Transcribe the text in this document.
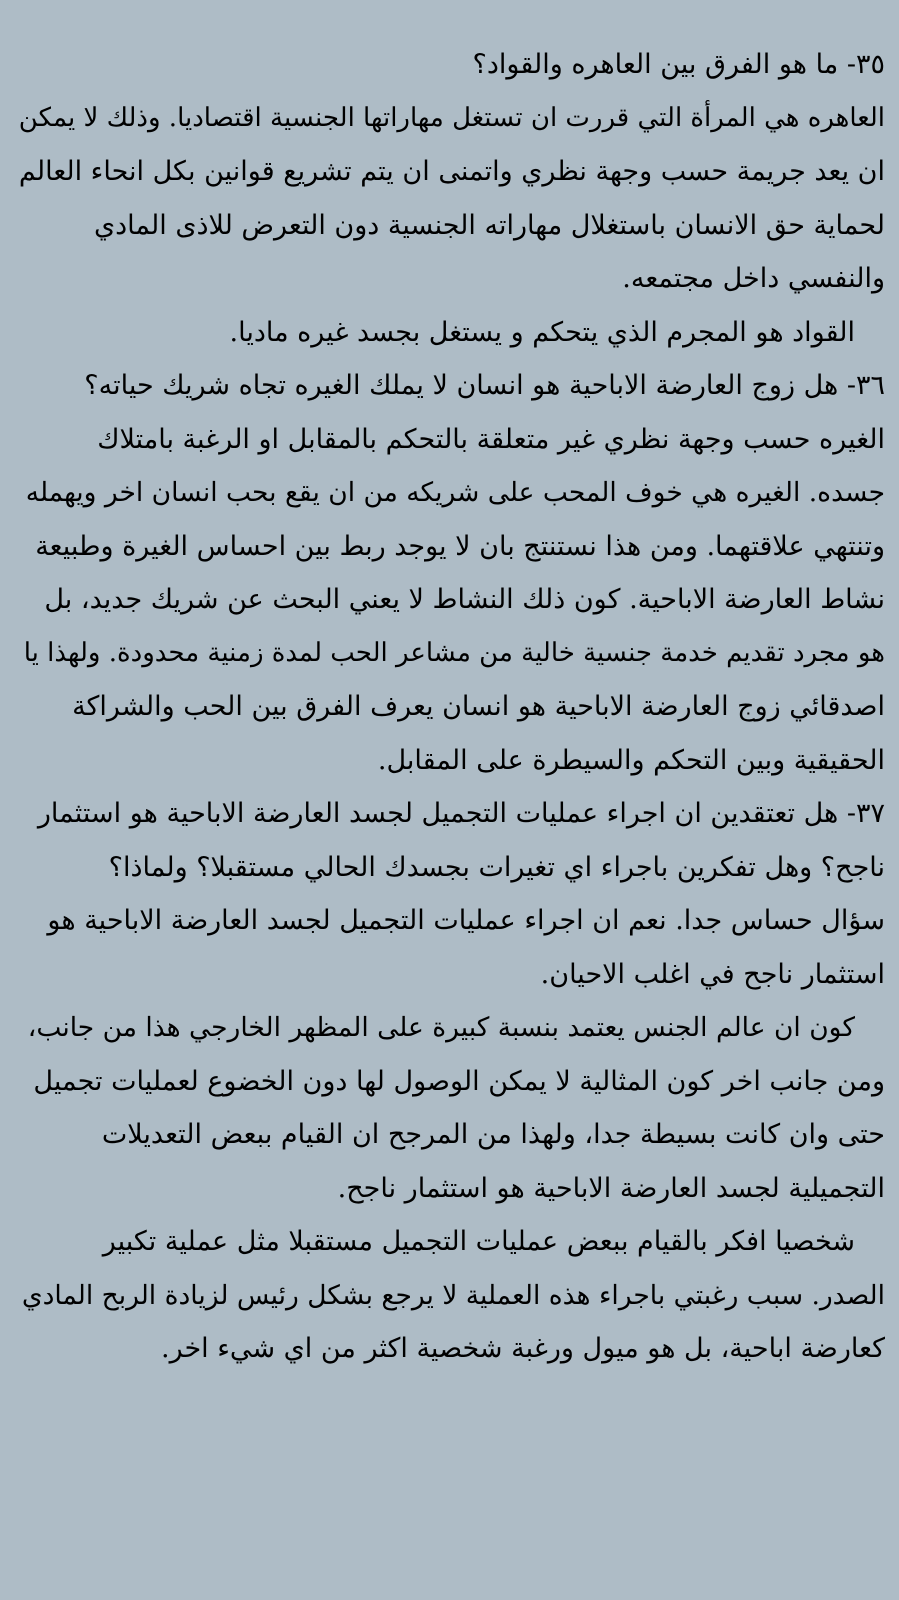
٣٥- ما هو الفرق بين العاهره والقواد؟
العاهره هي المرأة التي قررت ان تستغل مهاراتها الجنسية اقتصاديا. وذلك لا يمكن
ان يعد جريمة حسب وجهة نظري واتمنى ان يتم تشريع قوانين بكل انحاء العالم
لحماية حق الانسان باستغلال مهاراته الجنسية دون التعرض للاذى المادي
والنفسي داخل مجتمعه.
القواد هو المجرم الذي يتحكم و يستغل بجسد غيره ماديا.
٣٦- هل زوج العارضة الاباحية هو انسان لا يملك الغيره تجاه شريك حياته؟
الغيره حسب وجهة نظري غير متعلقة بالتحكم بالمقابل او الرغبة بامتلاك
جسده. الغيره هي خوف المحب على شريكه من ان يقع بحب انسان اخر ويهمله
وتنتهي علاقتهما. ومن هذا نستنتج بان لا يوجد ربط بين احساس الغيرة وطبيعة
نشاط العارضة الاباحية. كون ذلك النشاط لا يعني البحث عن شريك جديد، بل
هو مجرد تقديم خدمة جنسية خالية من مشاعر الحب لمدة زمنية محدودة. ولهذا يا
اصدقائي زوج العارضة الاباحية هو انسان يعرف الفرق بين الحب والشراكة
الحقيقية وبين التحكم والسيطرة على المقابل.
٣٧- هل تعتقدين ان اجراء عمليات التجميل لجسد العارضة الاباحية هو استثمار
ناجح؟ وهل تفكرين باجراء اي تغيرات بجسدك الحالي مستقبلا؟ ولماذا؟
سؤال حساس جدا. نعم ان اجراء عمليات التجميل لجسد العارضة الاباحية هو
استثمار ناجح في اغلب الاحيان.
كون ان عالم الجنس يعتمد بنسبة كبيرة على المظهر الخارجي هذا من جانب،
ومن جانب اخر كون المثالية لا يمكن الوصول لها دون الخضوع لعمليات تجميل
حتى وان كانت بسيطة جدا، ولهذا من المرجح ان القيام ببعض التعديلات
التجميلية لجسد العارضة الاباحية هو استثمار ناجح.
شخصيا افكر بالقيام ببعض عمليات التجميل مستقبلا مثل عملية تكبير
الصدر. سبب رغبتي باجراء هذه العملية لا يرجع بشكل رئيس لزيادة الربح المادي
كعارضة اباحية، بل هو ميول ورغبة شخصية اكثر من اي شيء اخر.
